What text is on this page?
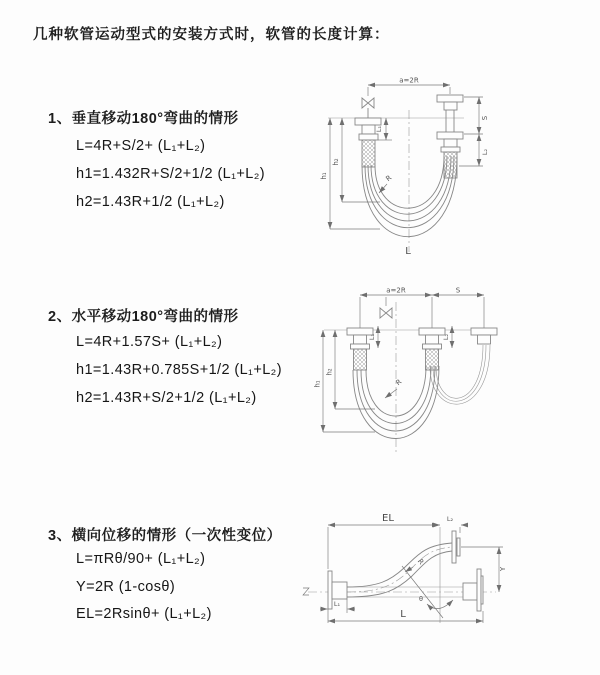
几种软管运动型式的安装方式时，软管的长度计算：
1、垂直移动180°弯曲的情形
L=4R+S/2+ (L₁+L₂)
h1=1.432R+S/2+1/2 (L₁+L₂)
h2=1.43R+1/2 (L₁+L₂)
2、水平移动180°弯曲的情形
L=4R+1.57S+ (L₁+L₂)
h1=1.43R+0.785S+1/2 (L₁+L₂)
h2=1.43R+S/2+1/2 (L₁+L₂)
3、横向位移的情形（一次性变位）
L=πRθ/90+ (L₁+L₂)
Y=2R (1-cosθ)
EL=2Rsinθ+ (L₁+L₂)
a=2R
S
L₂
L₁
h₁
h₂
R
L
a=2R	S
L₁	L₂
h₁
h₂
R
EL	L₂
Y
R
θ
L
L₁
